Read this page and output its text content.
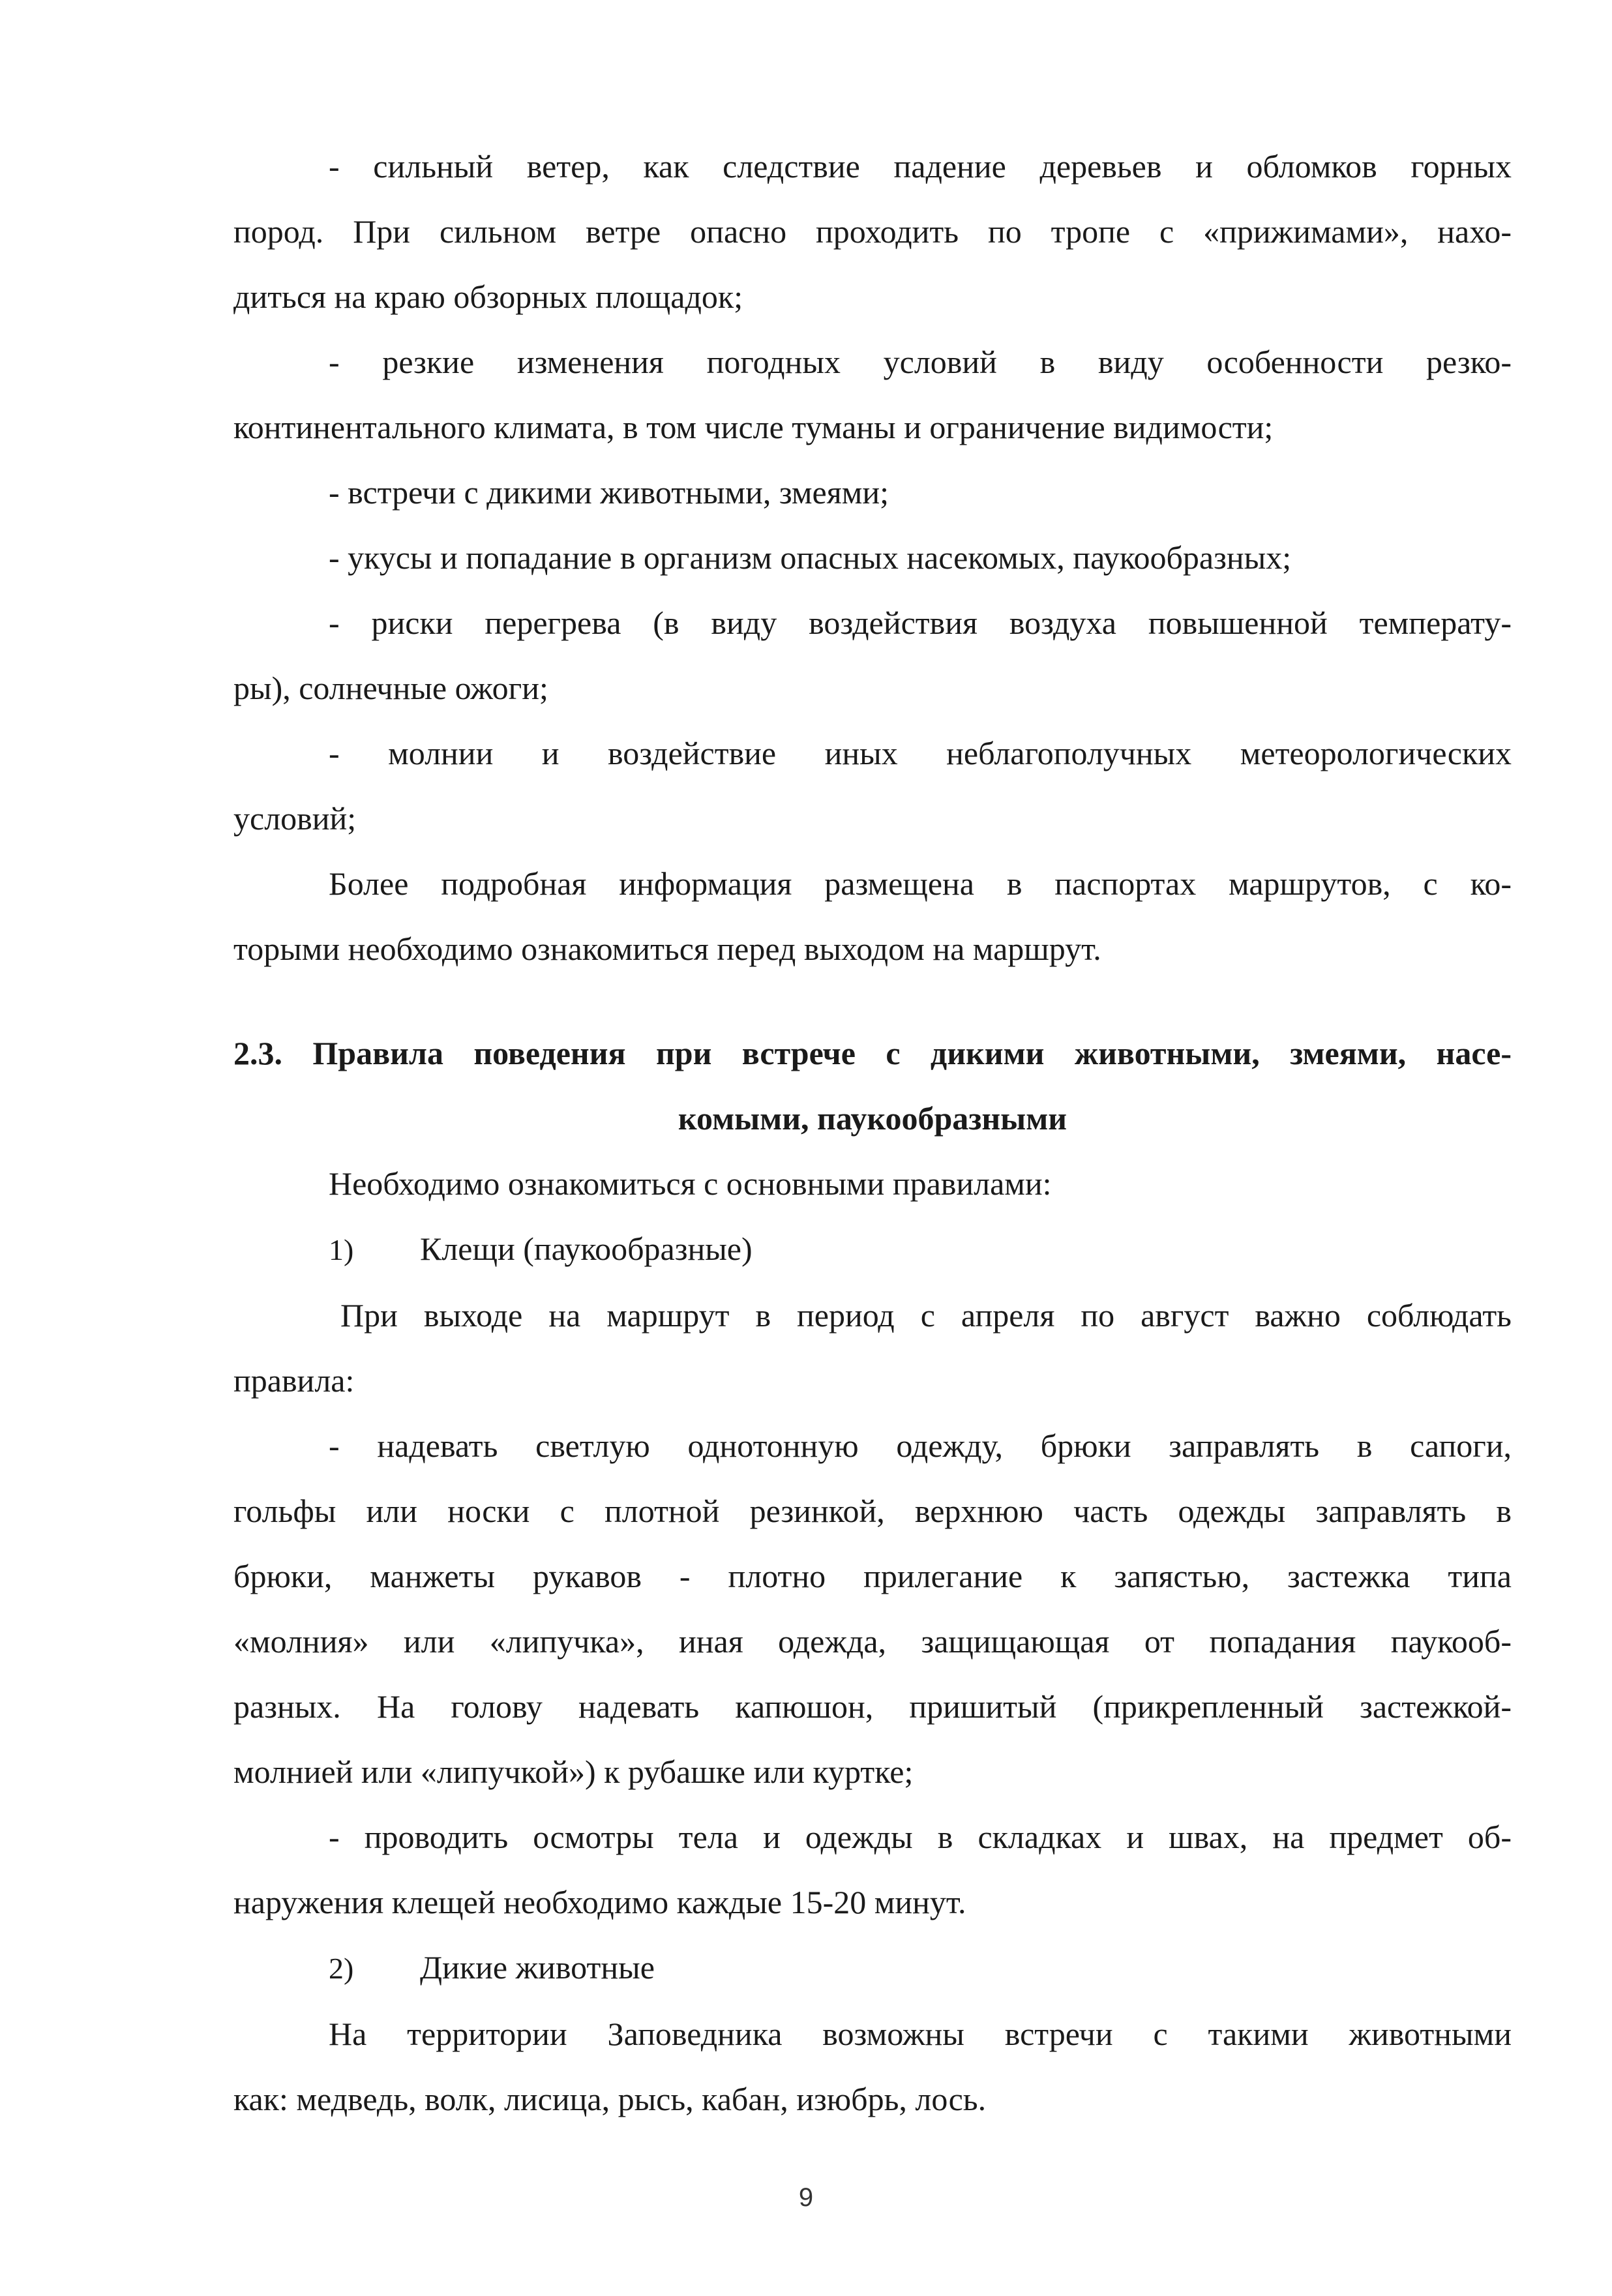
- сильный ветер, как следствие падение деревьев и обломков горных
пород. При сильном ветре опасно проходить по тропе с «прижимами», нахо-
диться на краю обзорных площадок;
- резкие изменения погодных условий в виду особенности резко-
континентального климата, в том числе туманы и ограничение видимости;
- встречи с дикими животными, змеями;
- укусы и попадание в организм опасных насекомых, паукообразных;
- риски перегрева (в виду воздействия воздуха повышенной температу-
ры), солнечные ожоги;
- молнии и воздействие иных неблагополучных метеорологических
условий;
Более подробная информация размещена в паспортах маршрутов, с ко-
торыми необходимо ознакомиться перед выходом на маршрут.
2.3. Правила поведения при встрече с дикими животными, змеями, насе-
комыми, паукообразными
Необходимо ознакомиться с основными правилами:
1) Клещи (паукообразные)
При выходе на маршрут в период с апреля по август важно соблюдать
правила:
- надевать светлую однотонную одежду, брюки заправлять в сапоги,
гольфы или носки с плотной резинкой, верхнюю часть одежды заправлять в
брюки, манжеты рукавов - плотно прилегание к запястью, застежка типа
«молния» или «липучка», иная одежда, защищающая от попадания паукооб-
разных. На голову надевать капюшон, пришитый (прикрепленный застежкой-
молнией или «липучкой») к рубашке или куртке;
- проводить осмотры тела и одежды в складках и швах, на предмет об-
наружения клещей необходимо каждые 15-20 минут.
2) Дикие животные
На территории Заповедника возможны встречи с такими животными
как: медведь, волк, лисица, рысь, кабан, изюбрь, лось.
9
